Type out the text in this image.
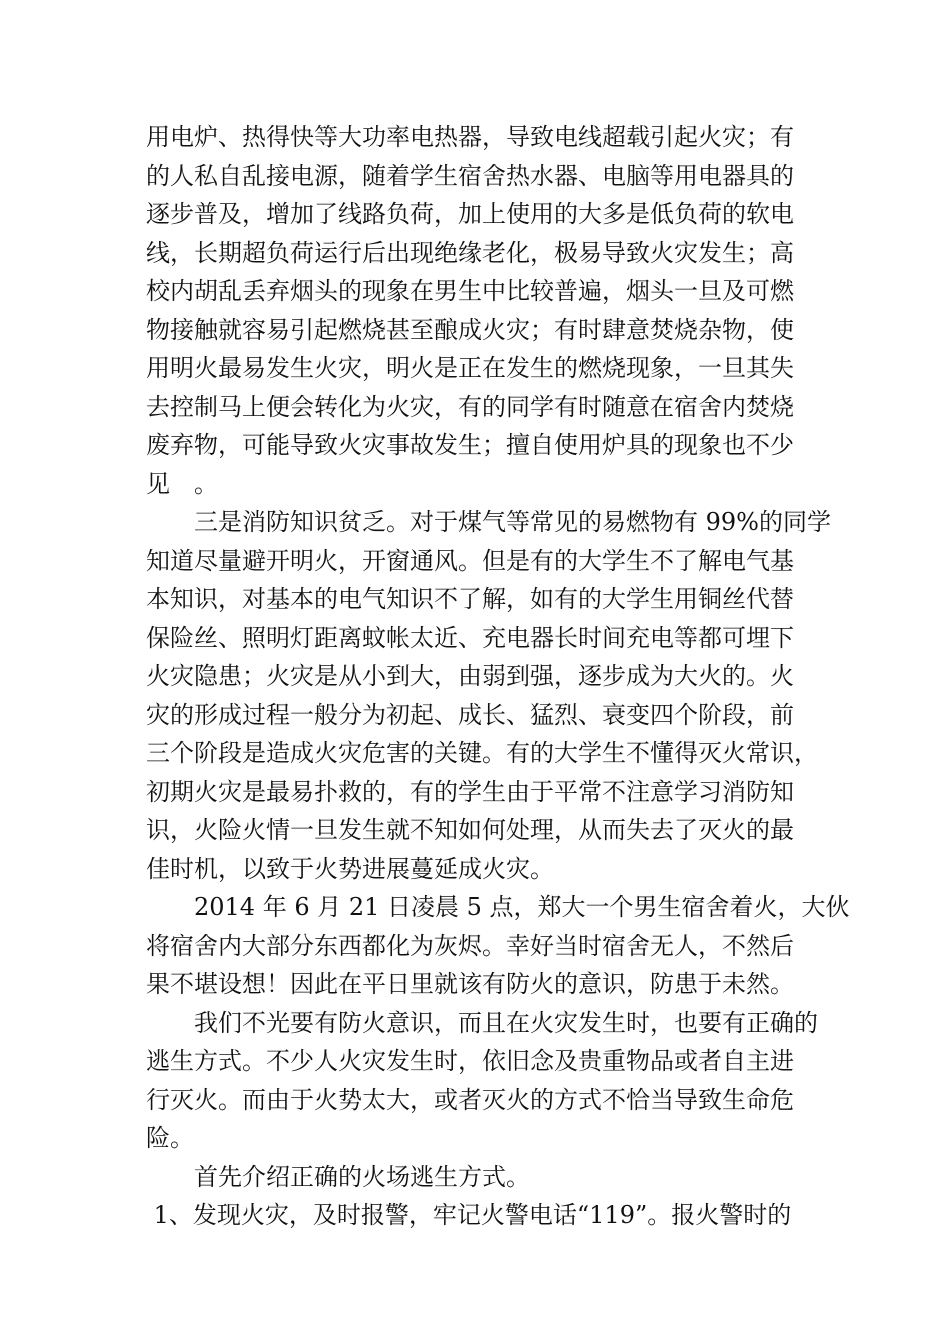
用电炉、热得快等大功率电热器，导致电线超载引起火灾；有
的人私自乱接电源，随着学生宿舍热水器、电脑等用电器具的
逐步普及，增加了线路负荷，加上使用的大多是低负荷的软电
线，长期超负荷运行后出现绝缘老化，极易导致火灾发生；高
校内胡乱丢弃烟头的现象在男生中比较普遍，烟头一旦及可燃
物接触就容易引起燃烧甚至酿成火灾；有时肆意焚烧杂物，使
用明火最易发生火灾，明火是正在发生的燃烧现象，一旦其失
去控制马上便会转化为火灾，有的同学有时随意在宿舍内焚烧
废弃物，可能导致火灾事故发生；擅自使用炉具的现象也不少
见　。
　　三是消防知识贫乏。对于煤气等常见的易燃物有 99%的同学
知道尽量避开明火，开窗通风。但是有的大学生不了解电气基
本知识，对基本的电气知识不了解，如有的大学生用铜丝代替
保险丝、照明灯距离蚊帐太近、充电器长时间充电等都可埋下
火灾隐患；火灾是从小到大，由弱到强，逐步成为大火的。火
灾的形成过程一般分为初起、成长、猛烈、衰变四个阶段，前
三个阶段是造成火灾危害的关键。有的大学生不懂得灭火常识，
初期火灾是最易扑救的，有的学生由于平常不注意学习消防知
识，火险火情一旦发生就不知如何处理，从而失去了灭火的最
佳时机，以致于火势进展蔓延成火灾。
　　2014 年 6 月 21 日凌晨 5 点，郑大一个男生宿舍着火，大伙
将宿舍内大部分东西都化为灰烬。幸好当时宿舍无人，不然后
果不堪设想！因此在平日里就该有防火的意识，防患于未然。
　　我们不光要有防火意识，而且在火灾发生时，也要有正确的
逃生方式。不少人火灾发生时，依旧念及贵重物品或者自主进
行灭火。而由于火势太大，或者灭火的方式不恰当导致生命危
险。
　　首先介绍正确的火场逃生方式。
1、发现火灾，及时报警，牢记火警电话“119”。报火警时的
